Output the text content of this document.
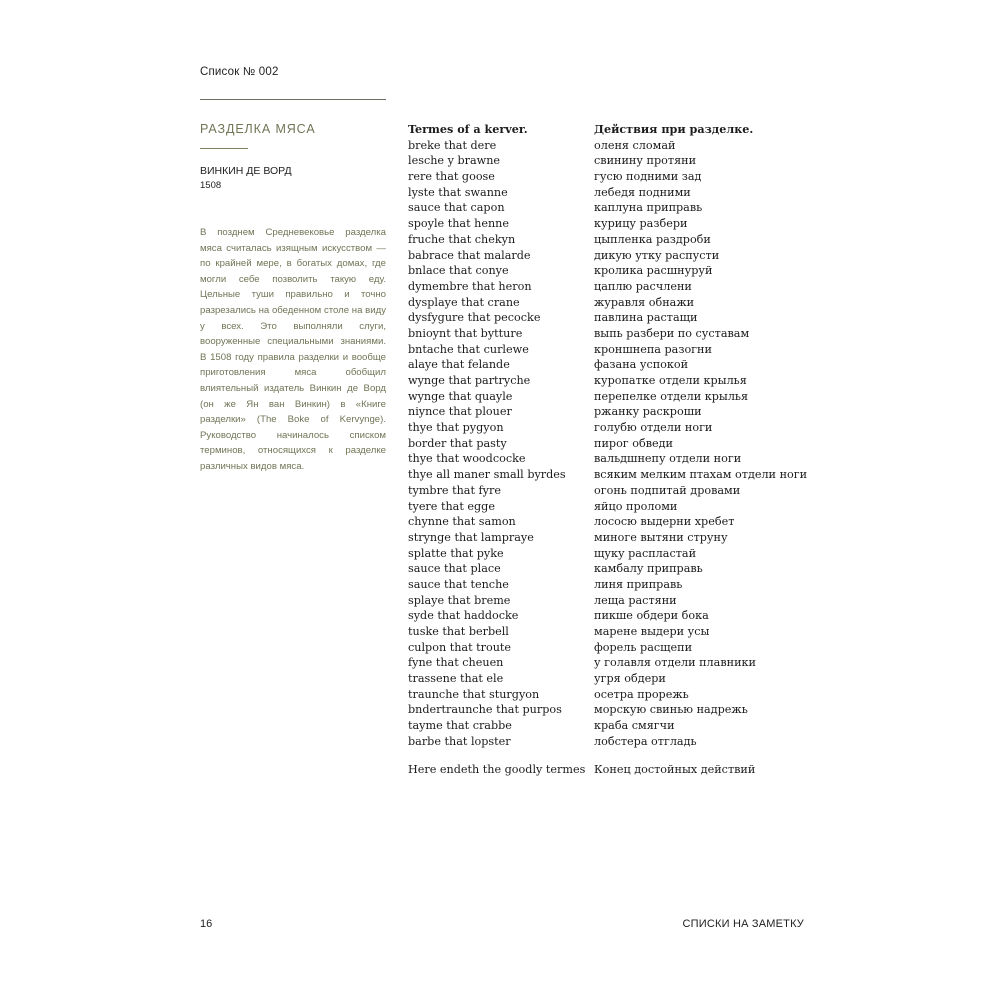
Список № 002
РАЗДЕЛКА МЯСА
ВИНКИН ДЕ ВОРД
1508

В позднем Средневековье разделка мяса считалась изящным искусством — по крайней мере, в богатых домах, где могли себе позволить такую еду. Цельные туши правильно и точно разрезались на обеденном столе на виду у всех. Это выполняли слуги, вооруженные специальными знаниями. В 1508 году правила разделки и вообще приготовления мяса обобщил влиятельный издатель Винкин де Ворд (он же Ян ван Винкин) в «Книге разделки» (The Boke of Kervynge). Руководство начиналось списком терминов, относящихся к разделке различных видов мяса.

Termes of a kerver.
breke that dere
lesche y brawne
rere that goose
lyste that swanne
sauce that capon
spoyle that henne
fruche that chekyn
babrace that malarde
bnlace that conye
dymembre that heron
dysplaye that crane
dysfygure that pecocke
bnioynt that bytture
bntache that curlewe
alaye that felande
wynge that partryche
wynge that quayle
niynce that plouer
thye that pygyon
border that pasty
thye that woodcocke
thye all maner small byrdes
tymbre that fyre
tyere that egge
chynne that samon
strynge that lampraye
splatte that pyke
sauce that place
sauce that tenche
splaye that breme
syde that haddocke
tuske that berbell
culpon that troute
fyne that cheuen
trassene that ele
traunche that sturgyon
bndertraunche that purpos
tayme that crabbe
barbe that lopster
Here endeth the goodly termes
Действия при разделке.
оленя сломай
свинину протяни
гусю подними зад
лебедя подними
каплуна приправь
курицу разбери
цыпленка раздроби
дикую утку распусти
кролика расшнуруй
цаплю расчлени
журавля обнажи
павлина растащи
выпь разбери по суставам
кроншнепа разогни
фазана успокой
куропатке отдели крылья
перепелке отдели крылья
ржанку раскроши
голубю отдели ноги
пирог обведи
вальдшнепу отдели ноги
всяким мелким птахам отдели ноги
огонь подпитай дровами
яйцо проломи
лососю выдерни хребет
миноге вытяни струну
щуку распластай
камбалу приправь
линя приправь
леща растяни
пикше обдери бока
марене выдери усы
форель расщепи
у голавля отдели плавники
угря обдери
осетра прорежь
морскую свинью надрежь
краба смягчи
лобстера отгладь
Конец достойных действий
16	СПИСКИ НА ЗАМЕТКУ
